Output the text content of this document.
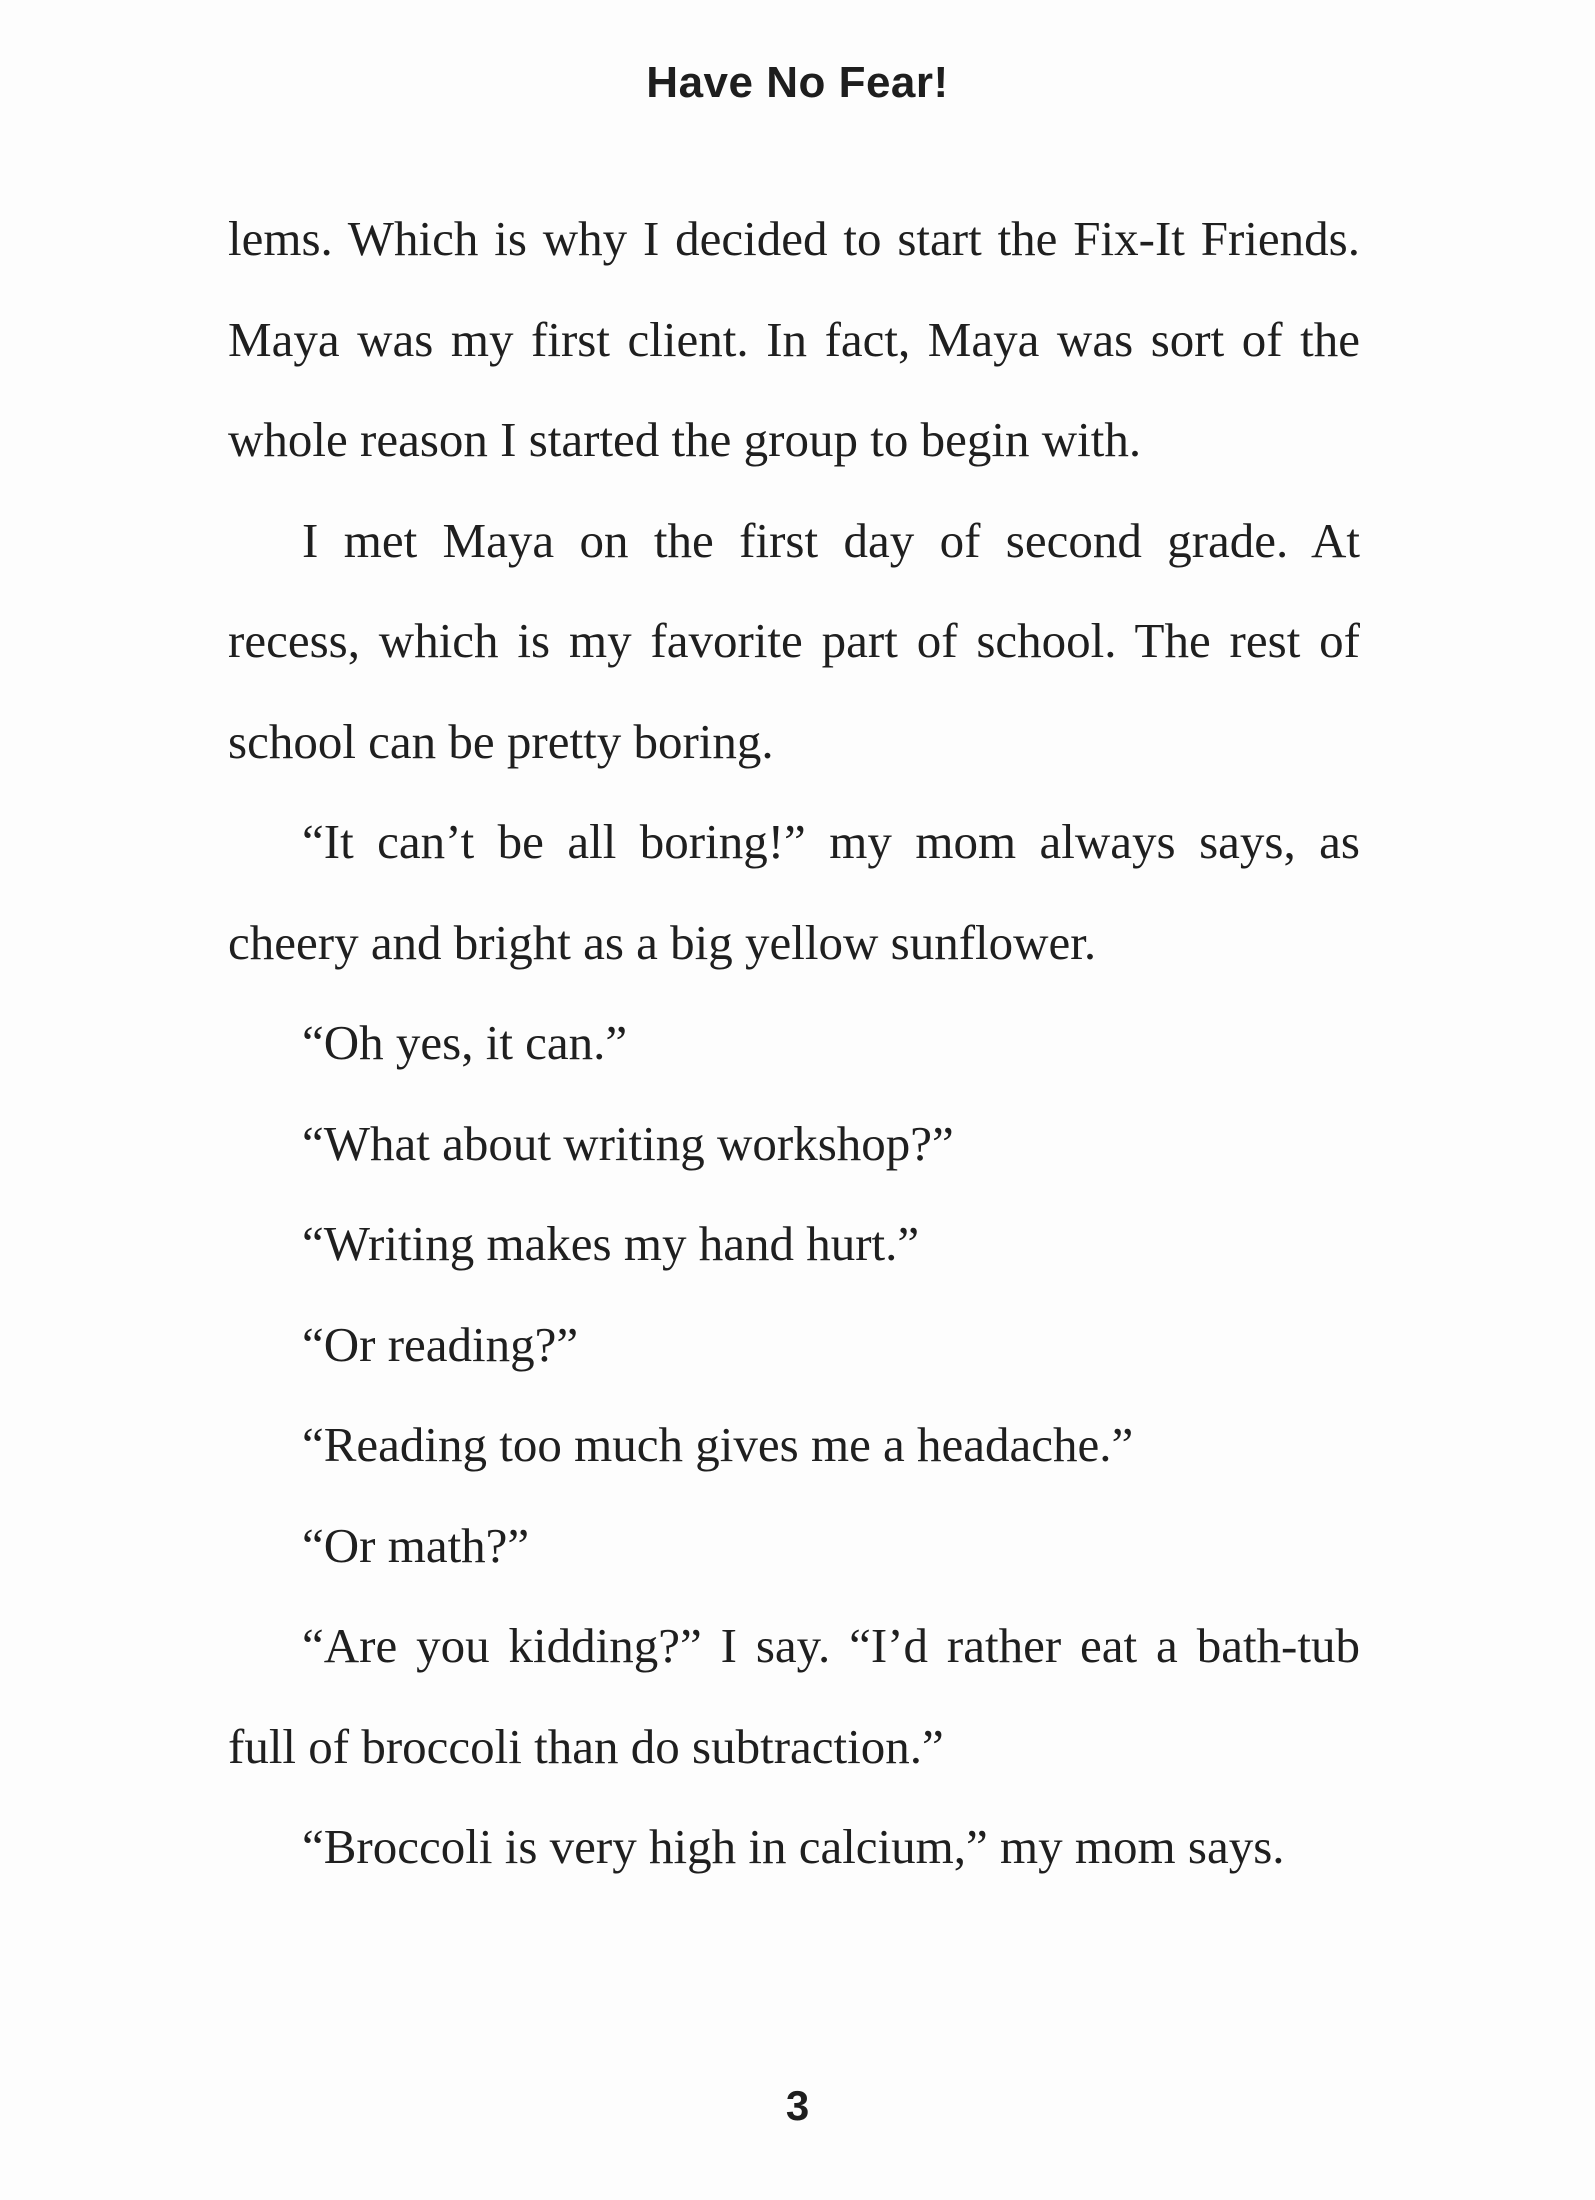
Have No Fear!

lems. Which is why I decided to start the Fix-It Friends. Maya was my first client. In fact, Maya was sort of the whole reason I started the group to begin with.

I met Maya on the first day of second grade. At recess, which is my favorite part of school. The rest of school can be pretty boring.

“It can’t be all boring!” my mom always says, as cheery and bright as a big yellow sunflower.

“Oh yes, it can.”

“What about writing workshop?”

“Writing makes my hand hurt.”

“Or reading?”

“Reading too much gives me a headache.”

“Or math?”

“Are you kidding?” I say. “I’d rather eat a bath-tub full of broccoli than do subtraction.”

“Broccoli is very high in calcium,” my mom says.

3
